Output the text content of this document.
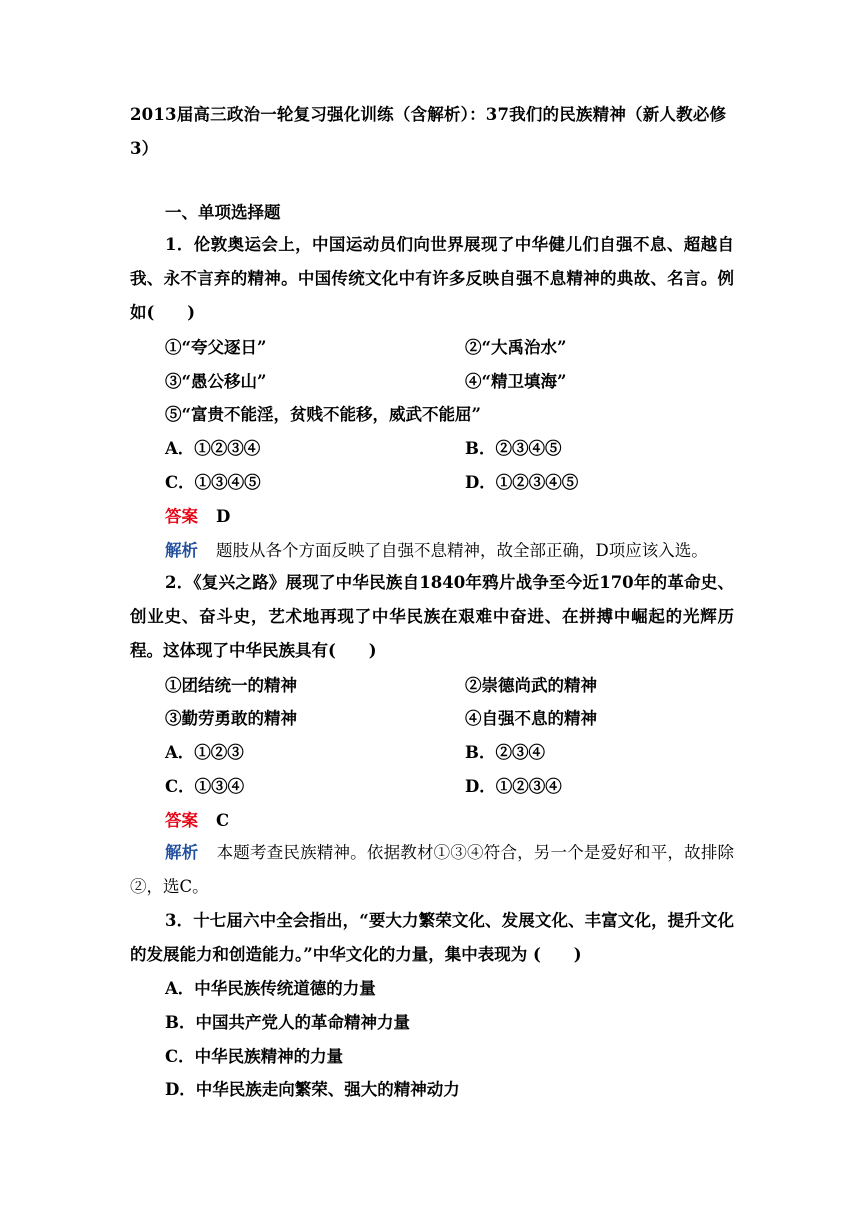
2013届高三政治一轮复习强化训练（含解析）：37我们的民族精神（新人教必修3）
一、单项选择题
1．伦敦奥运会上，中国运动员们向世界展现了中华健儿们自强不息、超越自我、永不言弃的精神。中国传统文化中有许多反映自强不息精神的典故、名言。例如(　　)
①“夸父逐日”	②“大禹治水”
③“愚公移山”	④“精卫填海”
⑤“富贵不能淫，贫贱不能移，威武不能屈”
A．①②③④	B．②③④⑤
C．①③④⑤	D．①②③④⑤
答案 D
解析 题肢从各个方面反映了自强不息精神，故全部正确，D项应该入选。
2．《复兴之路》展现了中华民族自1840年鸦片战争至今近170年的革命史、创业史、奋斗史，艺术地再现了中华民族在艰难中奋进、在拼搏中崛起的光辉历程。这体现了中华民族具有(　　)
①团结统一的精神	②崇德尚武的精神
③勤劳勇敢的精神	④自强不息的精神
A．①②③	B．②③④
C．①③④	D．①②③④
答案 C
解析 本题考查民族精神。依据教材①③④符合，另一个是爱好和平，故排除②，选C。
3．十七届六中全会指出，“要大力繁荣文化、发展文化、丰富文化，提升文化的发展能力和创造能力。”中华文化的力量，集中表现为 (　　)
A．中华民族传统道德的力量
B．中国共产党人的革命精神力量
C．中华民族精神的力量
D．中华民族走向繁荣、强大的精神动力
